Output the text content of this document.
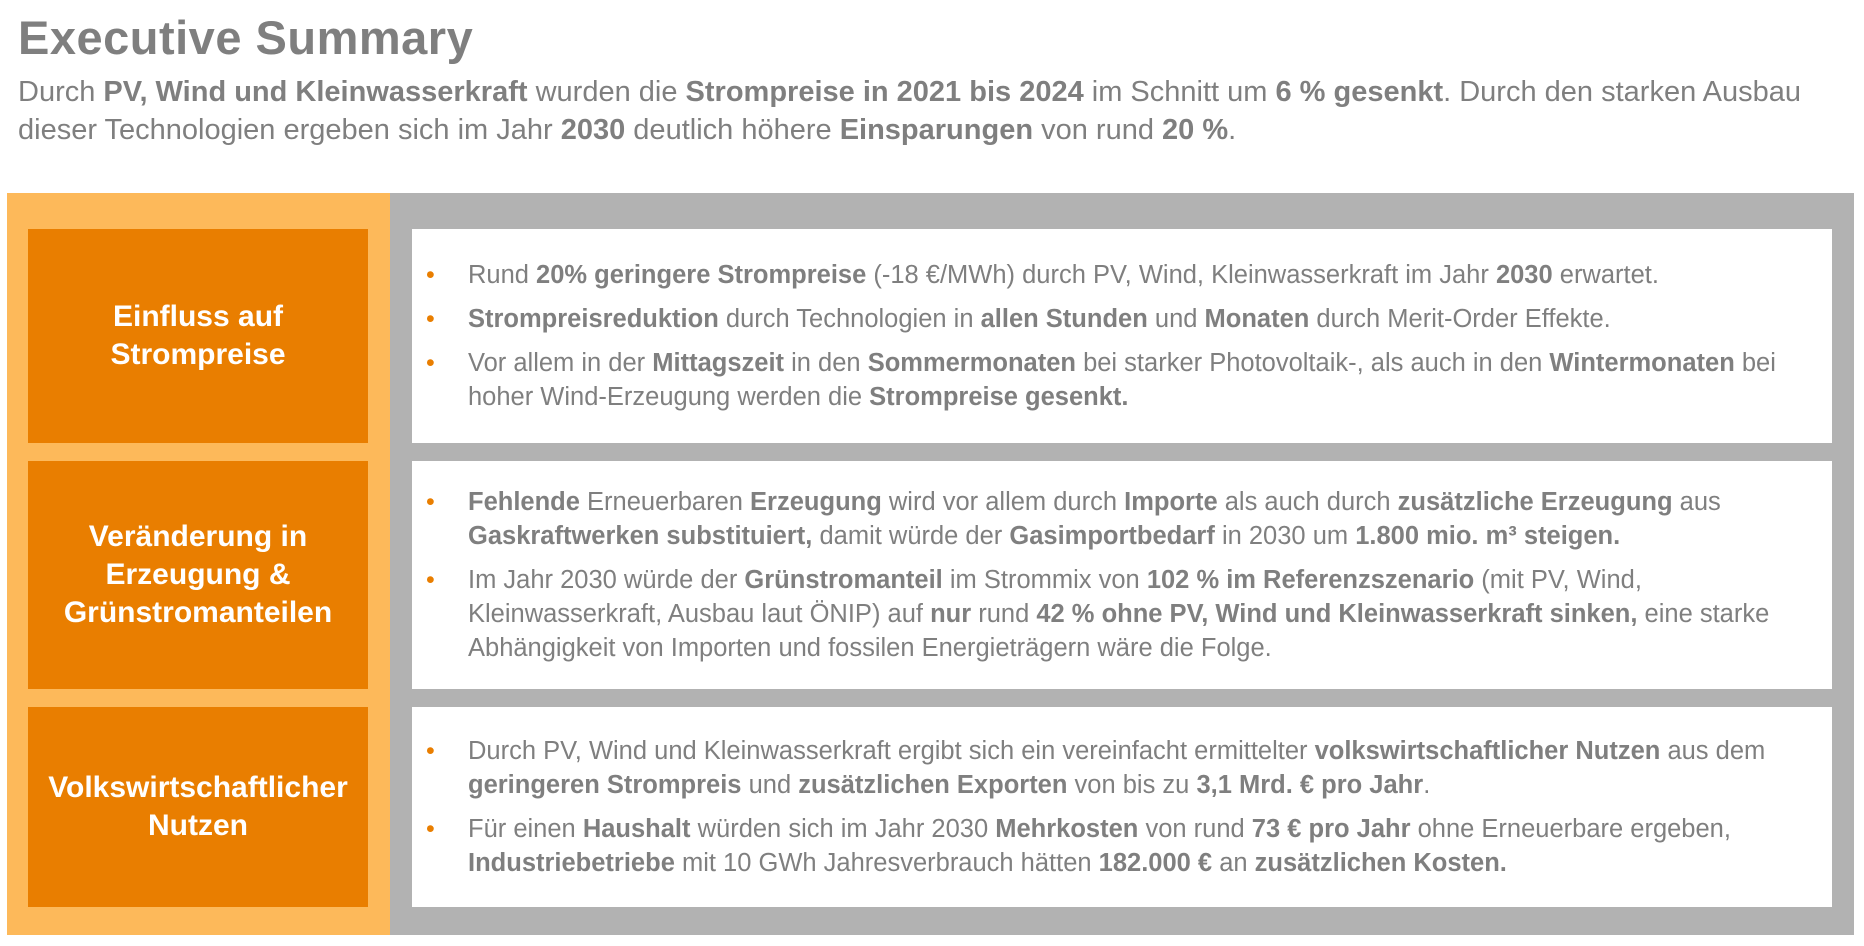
Executive Summary

Durch PV, Wind und Kleinwasserkraft wurden die Strompreise in 2021 bis 2024 im Schnitt um 6 % gesenkt. Durch den starken Ausbau dieser Technologien ergeben sich im Jahr 2030 deutlich höhere Einsparungen von rund 20 %.

Einfluss auf Strompreise
• Rund 20% geringere Strompreise (-18 €/MWh) durch PV, Wind, Kleinwasserkraft im Jahr 2030 erwartet.
• Strompreisreduktion durch Technologien in allen Stunden und Monaten durch Merit-Order Effekte.
• Vor allem in der Mittagszeit in den Sommermonaten bei starker Photovoltaik-, als auch in den Wintermonaten bei hoher Wind-Erzeugung werden die Strompreise gesenkt.
Veränderung in Erzeugung & Grünstromanteilen
• Fehlende Erneuerbaren Erzeugung wird vor allem durch Importe als auch durch zusätzliche Erzeugung aus Gaskraftwerken substituiert, damit würde der Gasimportbedarf in 2030 um 1.800 mio. m³ steigen.
• Im Jahr 2030 würde der Grünstromanteil im Strommix von 102 % im Referenzszenario (mit PV, Wind, Kleinwasserkraft, Ausbau laut ÖNIP) auf nur rund 42 % ohne PV, Wind und Kleinwasserkraft sinken, eine starke Abhängigkeit von Importen und fossilen Energieträgern wäre die Folge.
Volkswirtschaftlicher Nutzen
• Durch PV, Wind und Kleinwasserkraft ergibt sich ein vereinfacht ermittelter volkswirtschaftlicher Nutzen aus dem geringeren Strompreis und zusätzlichen Exporten von bis zu 3,1 Mrd. € pro Jahr.
• Für einen Haushalt würden sich im Jahr 2030 Mehrkosten von rund 73 € pro Jahr ohne Erneuerbare ergeben, Industriebetriebe mit 10 GWh Jahresverbrauch hätten 182.000 € an zusätzlichen Kosten.
